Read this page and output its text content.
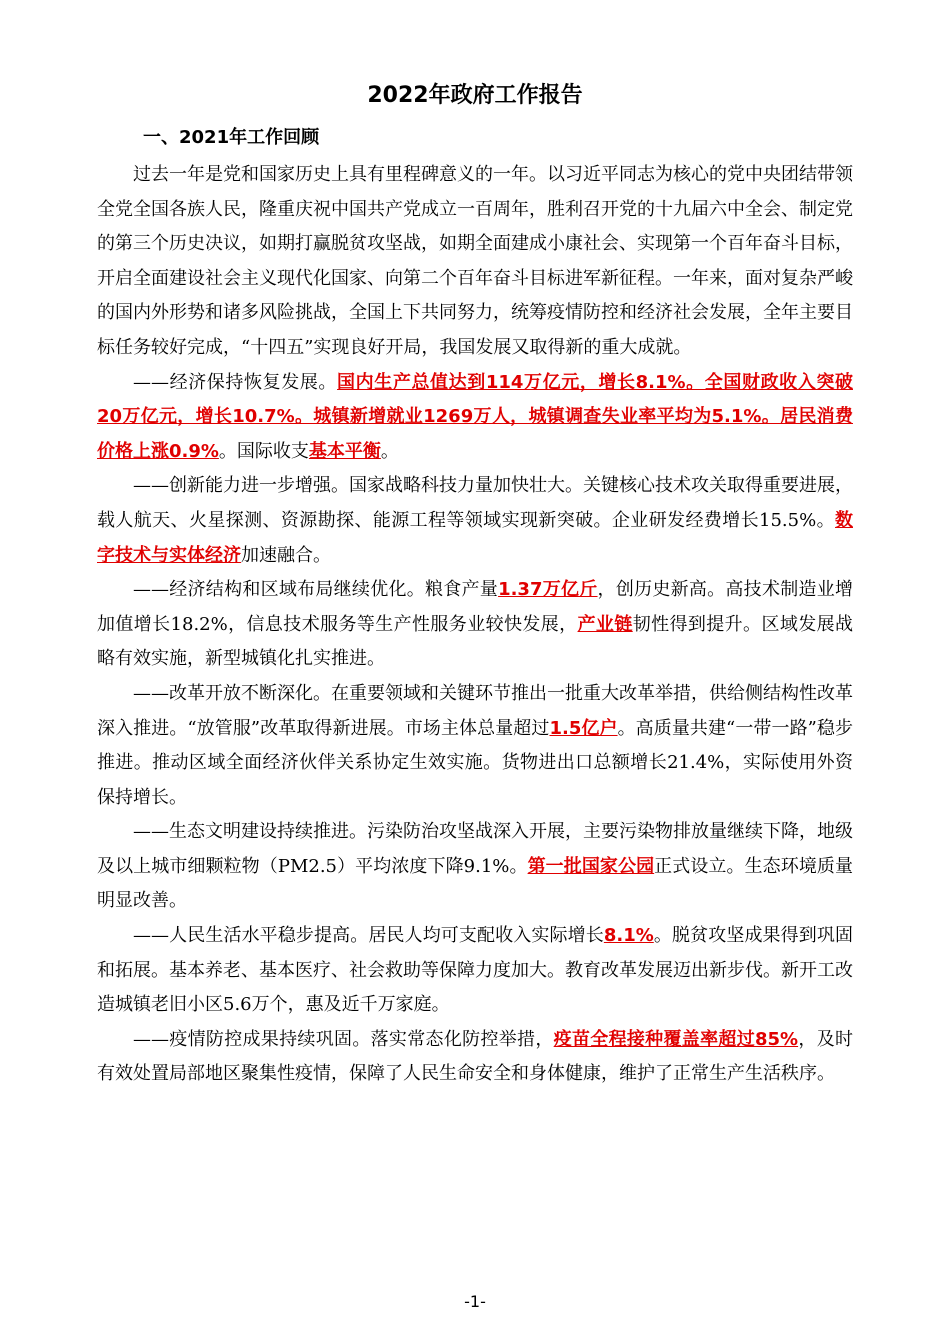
2022年政府工作报告
一、2021年工作回顾

过去一年是党和国家历史上具有里程碑意义的一年。以习近平同志为核心的党中央团结带领全党全国各族人民，隆重庆祝中国共产党成立一百周年，胜利召开党的十九届六中全会、制定党的第三个历史决议，如期打赢脱贫攻坚战，如期全面建成小康社会、实现第一个百年奋斗目标，开启全面建设社会主义现代化国家、向第二个百年奋斗目标进军新征程。一年来，面对复杂严峻的国内外形势和诸多风险挑战，全国上下共同努力，统筹疫情防控和经济社会发展，全年主要目标任务较好完成，“十四五”实现良好开局，我国发展又取得新的重大成就。

——经济保持恢复发展。国内生产总值达到114万亿元，增长8.1%。全国财政收入突破20万亿元，增长10.7%。城镇新增就业1269万人，城镇调查失业率平均为5.1%。居民消费价格上涨0.9%。国际收支基本平衡。

——创新能力进一步增强。国家战略科技力量加快壮大。关键核心技术攻关取得重要进展，载人航天、火星探测、资源勘探、能源工程等领域实现新突破。企业研发经费增长15.5%。数字技术与实体经济加速融合。

——经济结构和区域布局继续优化。粮食产量1.37万亿斤，创历史新高。高技术制造业增加值增长18.2%，信息技术服务等生产性服务业较快发展，产业链韧性得到提升。区域发展战略有效实施，新型城镇化扎实推进。

——改革开放不断深化。在重要领域和关键环节推出一批重大改革举措，供给侧结构性改革深入推进。“放管服”改革取得新进展。市场主体总量超过1.5亿户。高质量共建“一带一路”稳步推进。推动区域全面经济伙伴关系协定生效实施。货物进出口总额增长21.4%，实际使用外资保持增长。

——生态文明建设持续推进。污染防治攻坚战深入开展，主要污染物排放量继续下降，地级及以上城市细颗粒物（PM2.5）平均浓度下降9.1%。第一批国家公园正式设立。生态环境质量明显改善。

——人民生活水平稳步提高。居民人均可支配收入实际增长8.1%。脱贫攻坚成果得到巩固和拓展。基本养老、基本医疗、社会救助等保障力度加大。教育改革发展迈出新步伐。新开工改造城镇老旧小区5.6万个，惠及近千万家庭。

——疫情防控成果持续巩固。落实常态化防控举措，疫苗全程接种覆盖率超过85%，及时有效处置局部地区聚集性疫情，保障了人民生命安全和身体健康，维护了正常生产生活秩序。

-1-
